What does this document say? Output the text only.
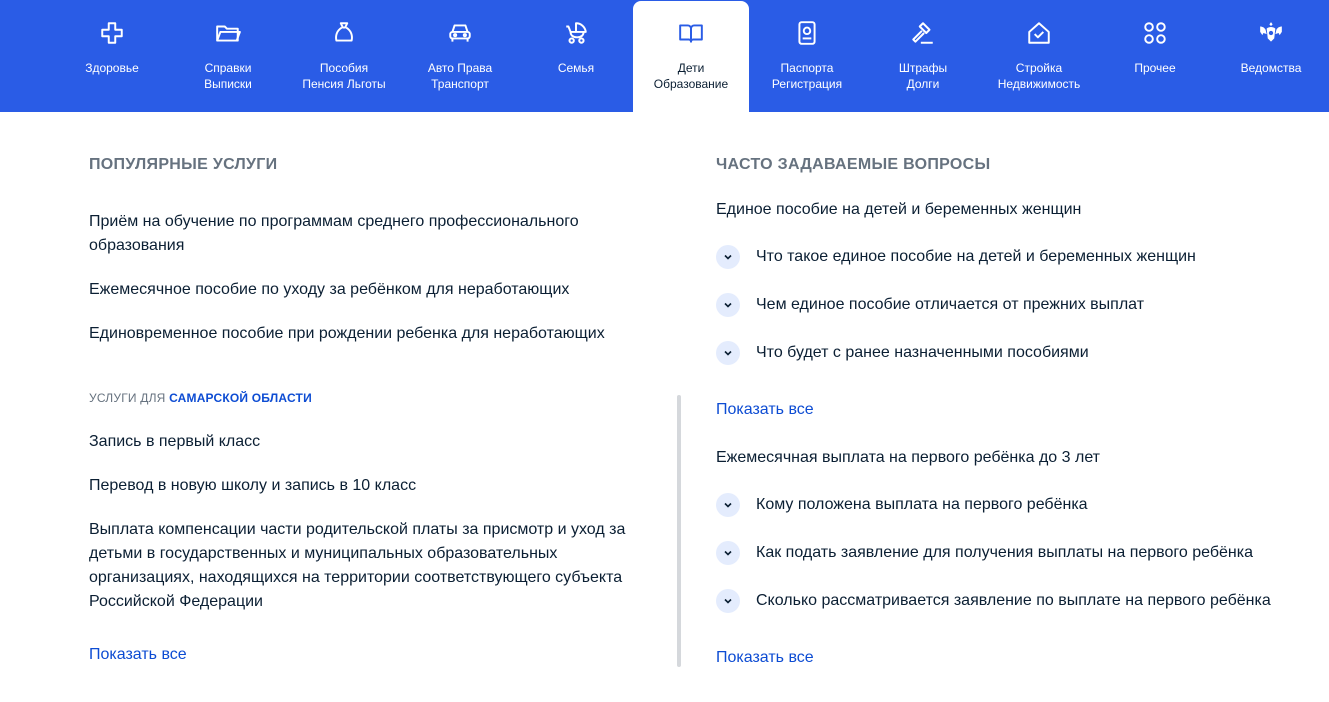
Здоровье	Справки
Выписки
Пособия
Пенсия Льготы
Авто Права
Транспорт
Семья	Дети
Образование
Паспорта
Регистрация
Штрафы
Долги
Стройка
Недвижимость
Прочее	Ведомства
ПОПУЛЯРНЫЕ УСЛУГИ
Приём на обучение по программам среднего профессионального образования
Ежемесячное пособие по уходу за ребёнком для неработающих
Единовременное пособие при рождении ребенка для неработающих
УСЛУГИ ДЛЯ САМАРСКОЙ ОБЛАСТИ
Запись в первый класс
Перевод в новую школу и запись в 10 класс
Выплата компенсации части родительской платы за присмотр и уход за детьми в государственных и муниципальных образовательных организациях, находящихся на территории соответствующего субъекта Российской Федерации
Показать все
ЧАСТО ЗАДАВАЕМЫЕ ВОПРОСЫ
Единое пособие на детей и беременных женщин
Что такое единое пособие на детей и беременных женщин
Чем единое пособие отличается от прежних выплат
Что будет с ранее назначенными пособиями
Показать все
Ежемесячная выплата на первого ребёнка до 3 лет
Кому положена выплата на первого ребёнка
Как подать заявление для получения выплаты на первого ребёнка
Сколько рассматривается заявление по выплате на первого ребёнка
Показать все
